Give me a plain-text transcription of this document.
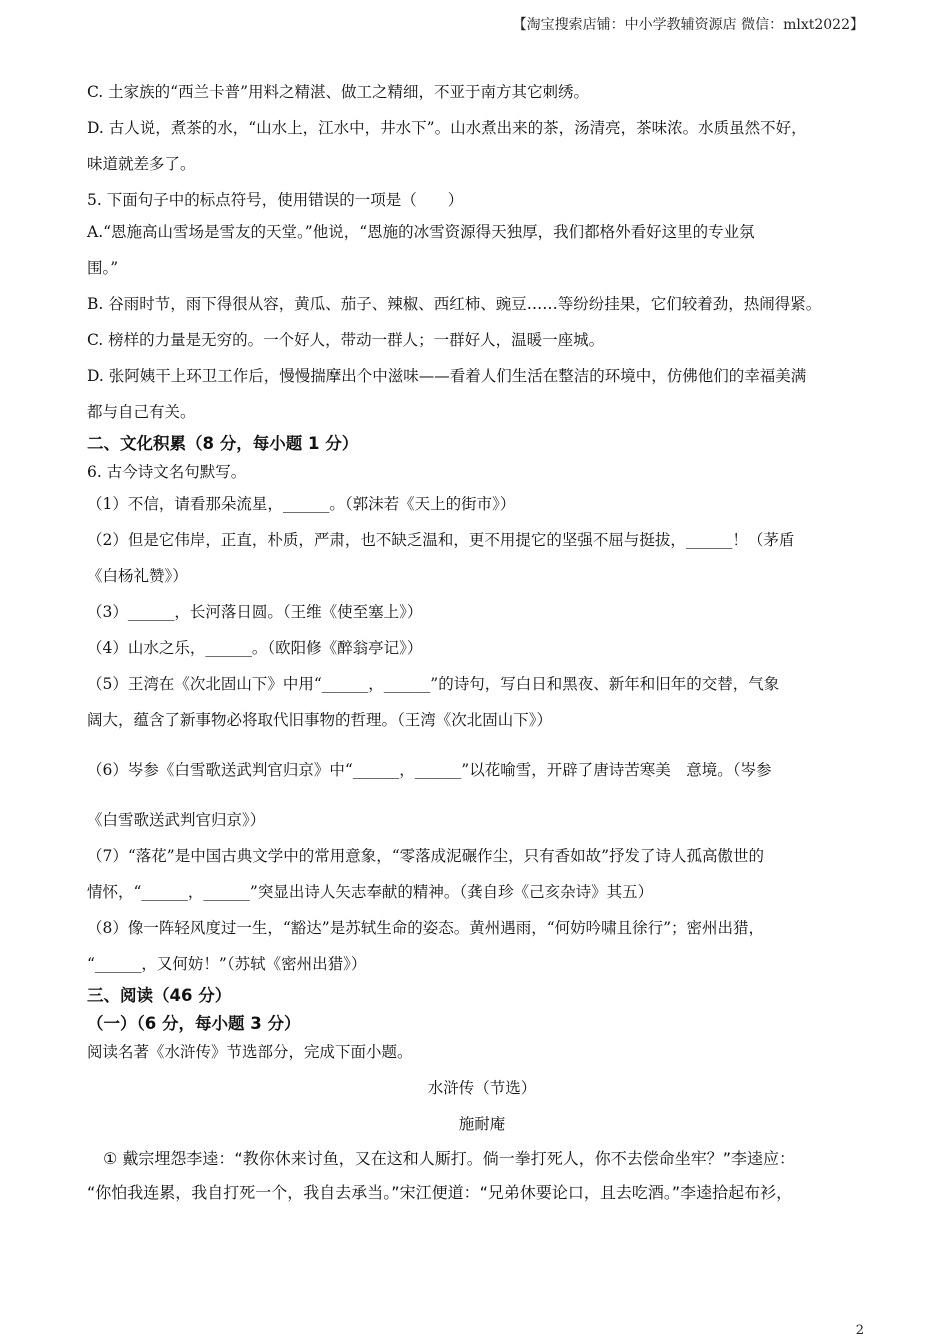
【淘宝搜索店铺：中小学教辅资源店 微信：mlxt2022】
C. 土家族的“西兰卡普”用料之精湛、做工之精细，不亚于南方其它刺绣。
D. 古人说，煮茶的水，“山水上，江水中，井水下”。山水煮出来的茶，汤清亮，茶味浓。水质虽然不好，
味道就差多了。
5. 下面句子中的标点符号，使用错误的一项是（　　）
A.“恩施高山雪场是雪友的天堂。”他说，“恩施的冰雪资源得天独厚，我们都格外看好这里的专业氛
围。”
B. 谷雨时节，雨下得很从容，黄瓜、茄子、辣椒、西红柿、豌豆……等纷纷挂果，它们较着劲，热闹得紧。
C. 榜样的力量是无穷的。一个好人，带动一群人；一群好人，温暖一座城。
D. 张阿姨干上环卫工作后，慢慢揣摩出个中滋味——看着人们生活在整洁的环境中，仿佛他们的幸福美满
都与自己有关。
二、文化积累（8 分，每小题 1 分）
6. 古今诗文名句默写。
（1）不信，请看那朵流星，______。（郭沫若《天上的街市》）
（2）但是它伟岸，正直，朴质，严肃，也不缺乏温和，更不用提它的坚强不屈与挺拔，______！（茅盾
《白杨礼赞》）
（3）______，长河落日圆。（王维《使至塞上》）
（4）山水之乐，______。（欧阳修《醉翁亭记》）
（5）王湾在《次北固山下》中用“______，______”的诗句，写白日和黑夜、新年和旧年的交替，气象
阔大，蕴含了新事物必将取代旧事物的哲理。（王湾《次北固山下》）
（6）岑参《白雪歌送武判官归京》中“______，______”以花喻雪，开辟了唐诗苦寒美　意境。（岑参
《白雪歌送武判官归京》）
（7）“落花”是中国古典文学中的常用意象，“零落成泥碾作尘，只有香如故”抒发了诗人孤高傲世的
情怀，“______，______”突显出诗人矢志奉献的精神。（龚自珍《己亥杂诗》其五）
（8）像一阵轻风度过一生，“豁达”是苏轼生命的姿态。黄州遇雨，“何妨吟啸且徐行”；密州出猎，
“______，又何妨！”（苏轼《密州出猎》）
三、阅读（46 分）
（一）（6 分，每小题 3 分）
阅读名著《水浒传》节选部分，完成下面小题。
水浒传（节选）
施耐庵
　① 戴宗埋怨李逵：“教你休来讨鱼，又在这和人厮打。倘一拳打死人，你不去偿命坐牢？”李逵应：
“你怕我连累，我自打死一个，我自去承当。”宋江便道：“兄弟休要论口，且去吃酒。”李逵拾起布衫，
2
